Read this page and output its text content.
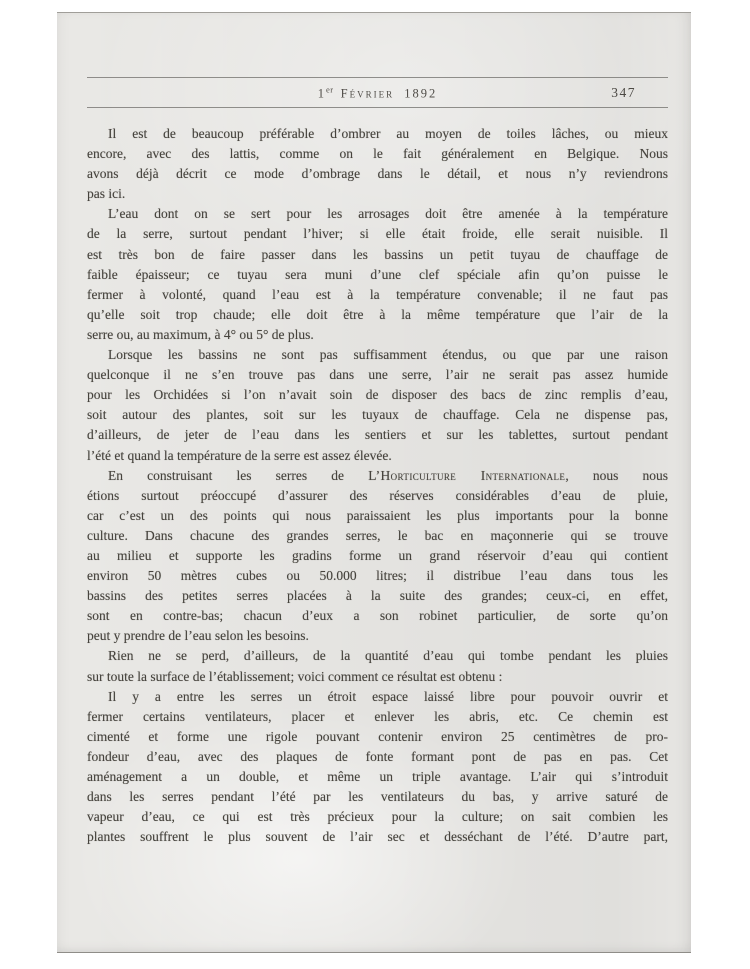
1er Février 1892	347

Il est de beaucoup préférable d’ombrer au moyen de toiles lâches, ou mieux
encore, avec des lattis, comme on le fait généralement en Belgique. Nous
avons déjà décrit ce mode d’ombrage dans le détail, et nous n’y reviendrons
pas ici.

L’eau dont on se sert pour les arrosages doit être amenée à la température
de la serre, surtout pendant l’hiver; si elle était froide, elle serait nuisible. Il
est très bon de faire passer dans les bassins un petit tuyau de chauffage de
faible épaisseur; ce tuyau sera muni d’une clef spéciale afin qu’on puisse le
fermer à volonté, quand l’eau est à la température convenable; il ne faut pas
qu’elle soit trop chaude; elle doit être à la même température que l’air de la
serre ou, au maximum, à 4° ou 5° de plus.

Lorsque les bassins ne sont pas suffisamment étendus, ou que par une raison
quelconque il ne s’en trouve pas dans une serre, l’air ne serait pas assez humide
pour les Orchidées si l’on n’avait soin de disposer des bacs de zinc remplis d’eau,
soit autour des plantes, soit sur les tuyaux de chauffage. Cela ne dispense pas,
d’ailleurs, de jeter de l’eau dans les sentiers et sur les tablettes, surtout pendant
l’été et quand la température de la serre est assez élevée.

En construisant les serres de L’Horticulture Internationale, nous nous
étions surtout préoccupé d’assurer des réserves considérables d’eau de pluie,
car c’est un des points qui nous paraissaient les plus importants pour la bonne
culture. Dans chacune des grandes serres, le bac en maçonnerie qui se trouve
au milieu et supporte les gradins forme un grand réservoir d’eau qui contient
environ 50 mètres cubes ou 50.000 litres; il distribue l’eau dans tous les
bassins des petites serres placées à la suite des grandes; ceux-ci, en effet,
sont en contre-bas; chacun d’eux a son robinet particulier, de sorte qu’on
peut y prendre de l’eau selon les besoins.

Rien ne se perd, d’ailleurs, de la quantité d’eau qui tombe pendant les pluies
sur toute la surface de l’établissement; voici comment ce résultat est obtenu :

Il y a entre les serres un étroit espace laissé libre pour pouvoir ouvrir et
fermer certains ventilateurs, placer et enlever les abris, etc. Ce chemin est
cimenté et forme une rigole pouvant contenir environ 25 centimètres de pro-
fondeur d’eau, avec des plaques de fonte formant pont de pas en pas. Cet
aménagement a un double, et même un triple avantage. L’air qui s’introduit
dans les serres pendant l’été par les ventilateurs du bas, y arrive saturé de
vapeur d’eau, ce qui est très précieux pour la culture; on sait combien les
plantes souffrent le plus souvent de l’air sec et desséchant de l’été. D’autre part,
